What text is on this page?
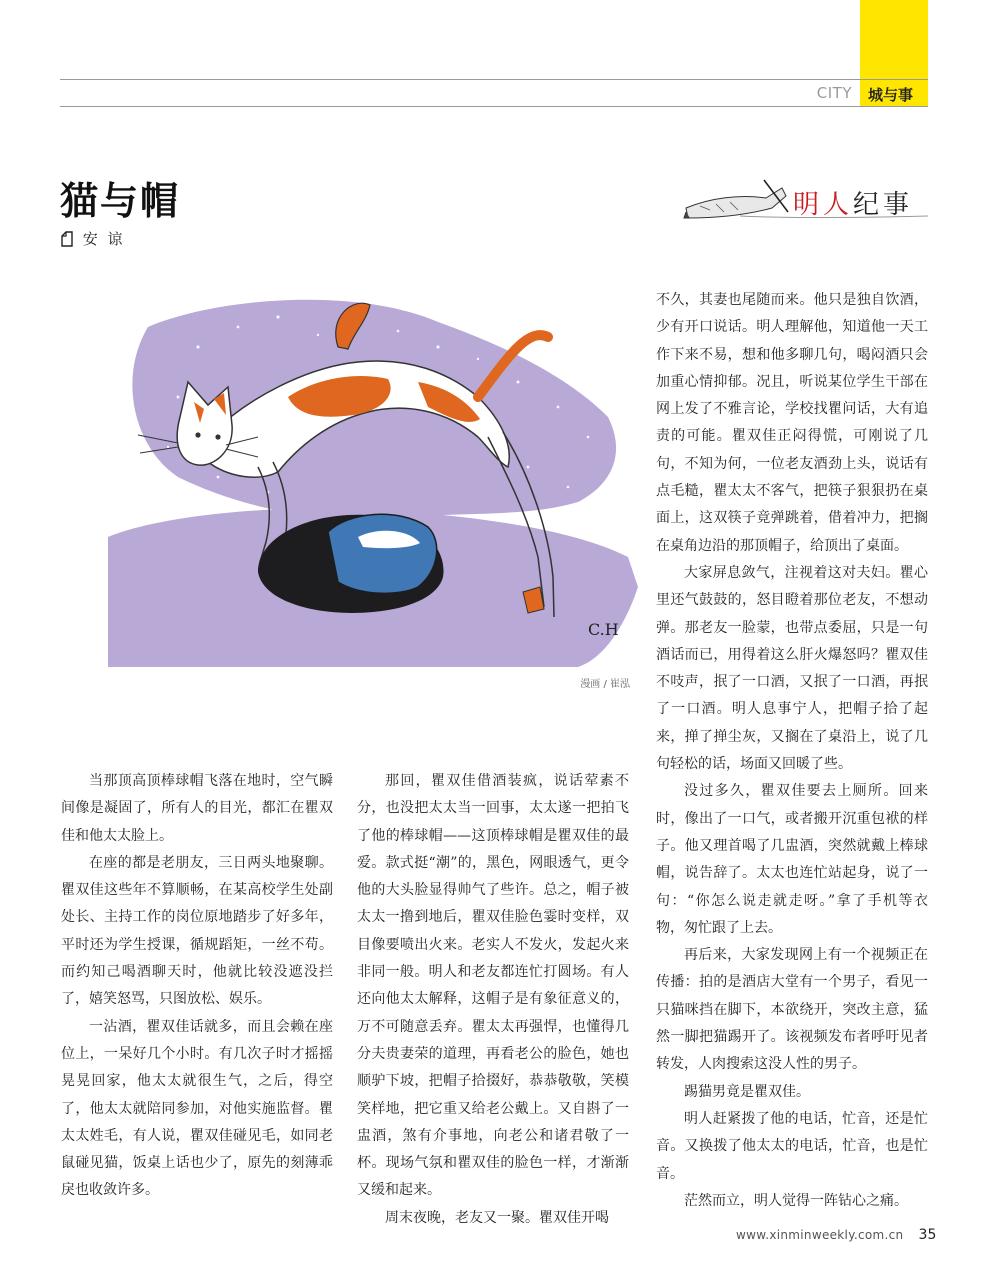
CITY 城与事
猫与帽
安  谅
明人纪事
C.H
漫画 / 崔泓

当那顶高顶棒球帽飞落在地时，空气瞬间像是凝固了，所有人的目光，都汇在瞿双佳和他太太脸上。

在座的都是老朋友，三日两头地聚聊。瞿双佳这些年不算顺畅，在某高校学生处副处长、主持工作的岗位原地踏步了好多年，平时还为学生授课，循规蹈矩，一丝不苟。而约知己喝酒聊天时，他就比较没遮没拦了，嬉笑怒骂，只图放松、娱乐。

一沾酒，瞿双佳话就多，而且会赖在座位上，一呆好几个小时。有几次子时才摇摇晃晃回家，他太太就很生气，之后，得空了，他太太就陪同参加，对他实施监督。瞿太太姓毛，有人说，瞿双佳碰见毛，如同老鼠碰见猫，饭桌上话也少了，原先的刻薄乖戾也收敛许多。

那回，瞿双佳借酒装疯，说话荤素不分，也没把太太当一回事，太太遂一把拍飞了他的棒球帽——这顶棒球帽是瞿双佳的最爱。款式挺“潮”的，黑色，网眼透气，更令他的大头脸显得帅气了些许。总之，帽子被太太一撸到地后，瞿双佳脸色霎时变样，双目像要喷出火来。老实人不发火，发起火来非同一般。明人和老友都连忙打圆场。有人还向他太太解释，这帽子是有象征意义的，万不可随意丢弃。瞿太太再强悍，也懂得几分夫贵妻荣的道理，再看老公的脸色，她也顺驴下坡，把帽子拾掇好，恭恭敬敬，笑模笑样地，把它重又给老公戴上。又自斟了一盅酒，煞有介事地，向老公和诸君敬了一杯。现场气氛和瞿双佳的脸色一样，才渐渐又缓和起来。

周末夜晚，老友又一聚。瞿双佳开喝

不久，其妻也尾随而来。他只是独自饮酒，少有开口说话。明人理解他，知道他一天工作下来不易，想和他多聊几句，喝闷酒只会加重心情抑郁。况且，听说某位学生干部在网上发了不雅言论，学校找瞿问话，大有追责的可能。瞿双佳正闷得慌，可刚说了几句，不知为何，一位老友酒劲上头，说话有点毛糙，瞿太太不客气，把筷子狠狠扔在桌面上，这双筷子竟弹跳着，借着冲力，把搁在桌角边沿的那顶帽子，给顶出了桌面。

大家屏息敛气，注视着这对夫妇。瞿心里还气鼓鼓的，怒目瞪着那位老友，不想动弹。那老友一脸蒙，也带点委屈，只是一句酒话而已，用得着这么肝火爆怒吗？瞿双佳不吱声，抿了一口酒，又抿了一口酒，再抿了一口酒。明人息事宁人，把帽子拾了起来，掸了掸尘灰，又搁在了桌沿上，说了几句轻松的话，场面又回暖了些。

没过多久，瞿双佳要去上厕所。回来时，像出了一口气，或者搬开沉重包袱的样子。他又理首喝了几盅酒，突然就戴上棒球帽，说告辞了。太太也连忙站起身，说了一句：“你怎么说走就走呀。”拿了手机等衣物，匆忙跟了上去。

再后来，大家发现网上有一个视频正在传播：拍的是酒店大堂有一个男子，看见一只猫咪挡在脚下，本欲绕开，突改主意，猛然一脚把猫踢开了。该视频发布者呼吁见者转发，人肉搜索这没人性的男子。

踢猫男竟是瞿双佳。

明人赶紧拨了他的电话，忙音，还是忙音。又换拨了他太太的电话，忙音，也是忙音。

茫然而立，明人觉得一阵钻心之痛。

www.xinminweekly.com.cn 35
